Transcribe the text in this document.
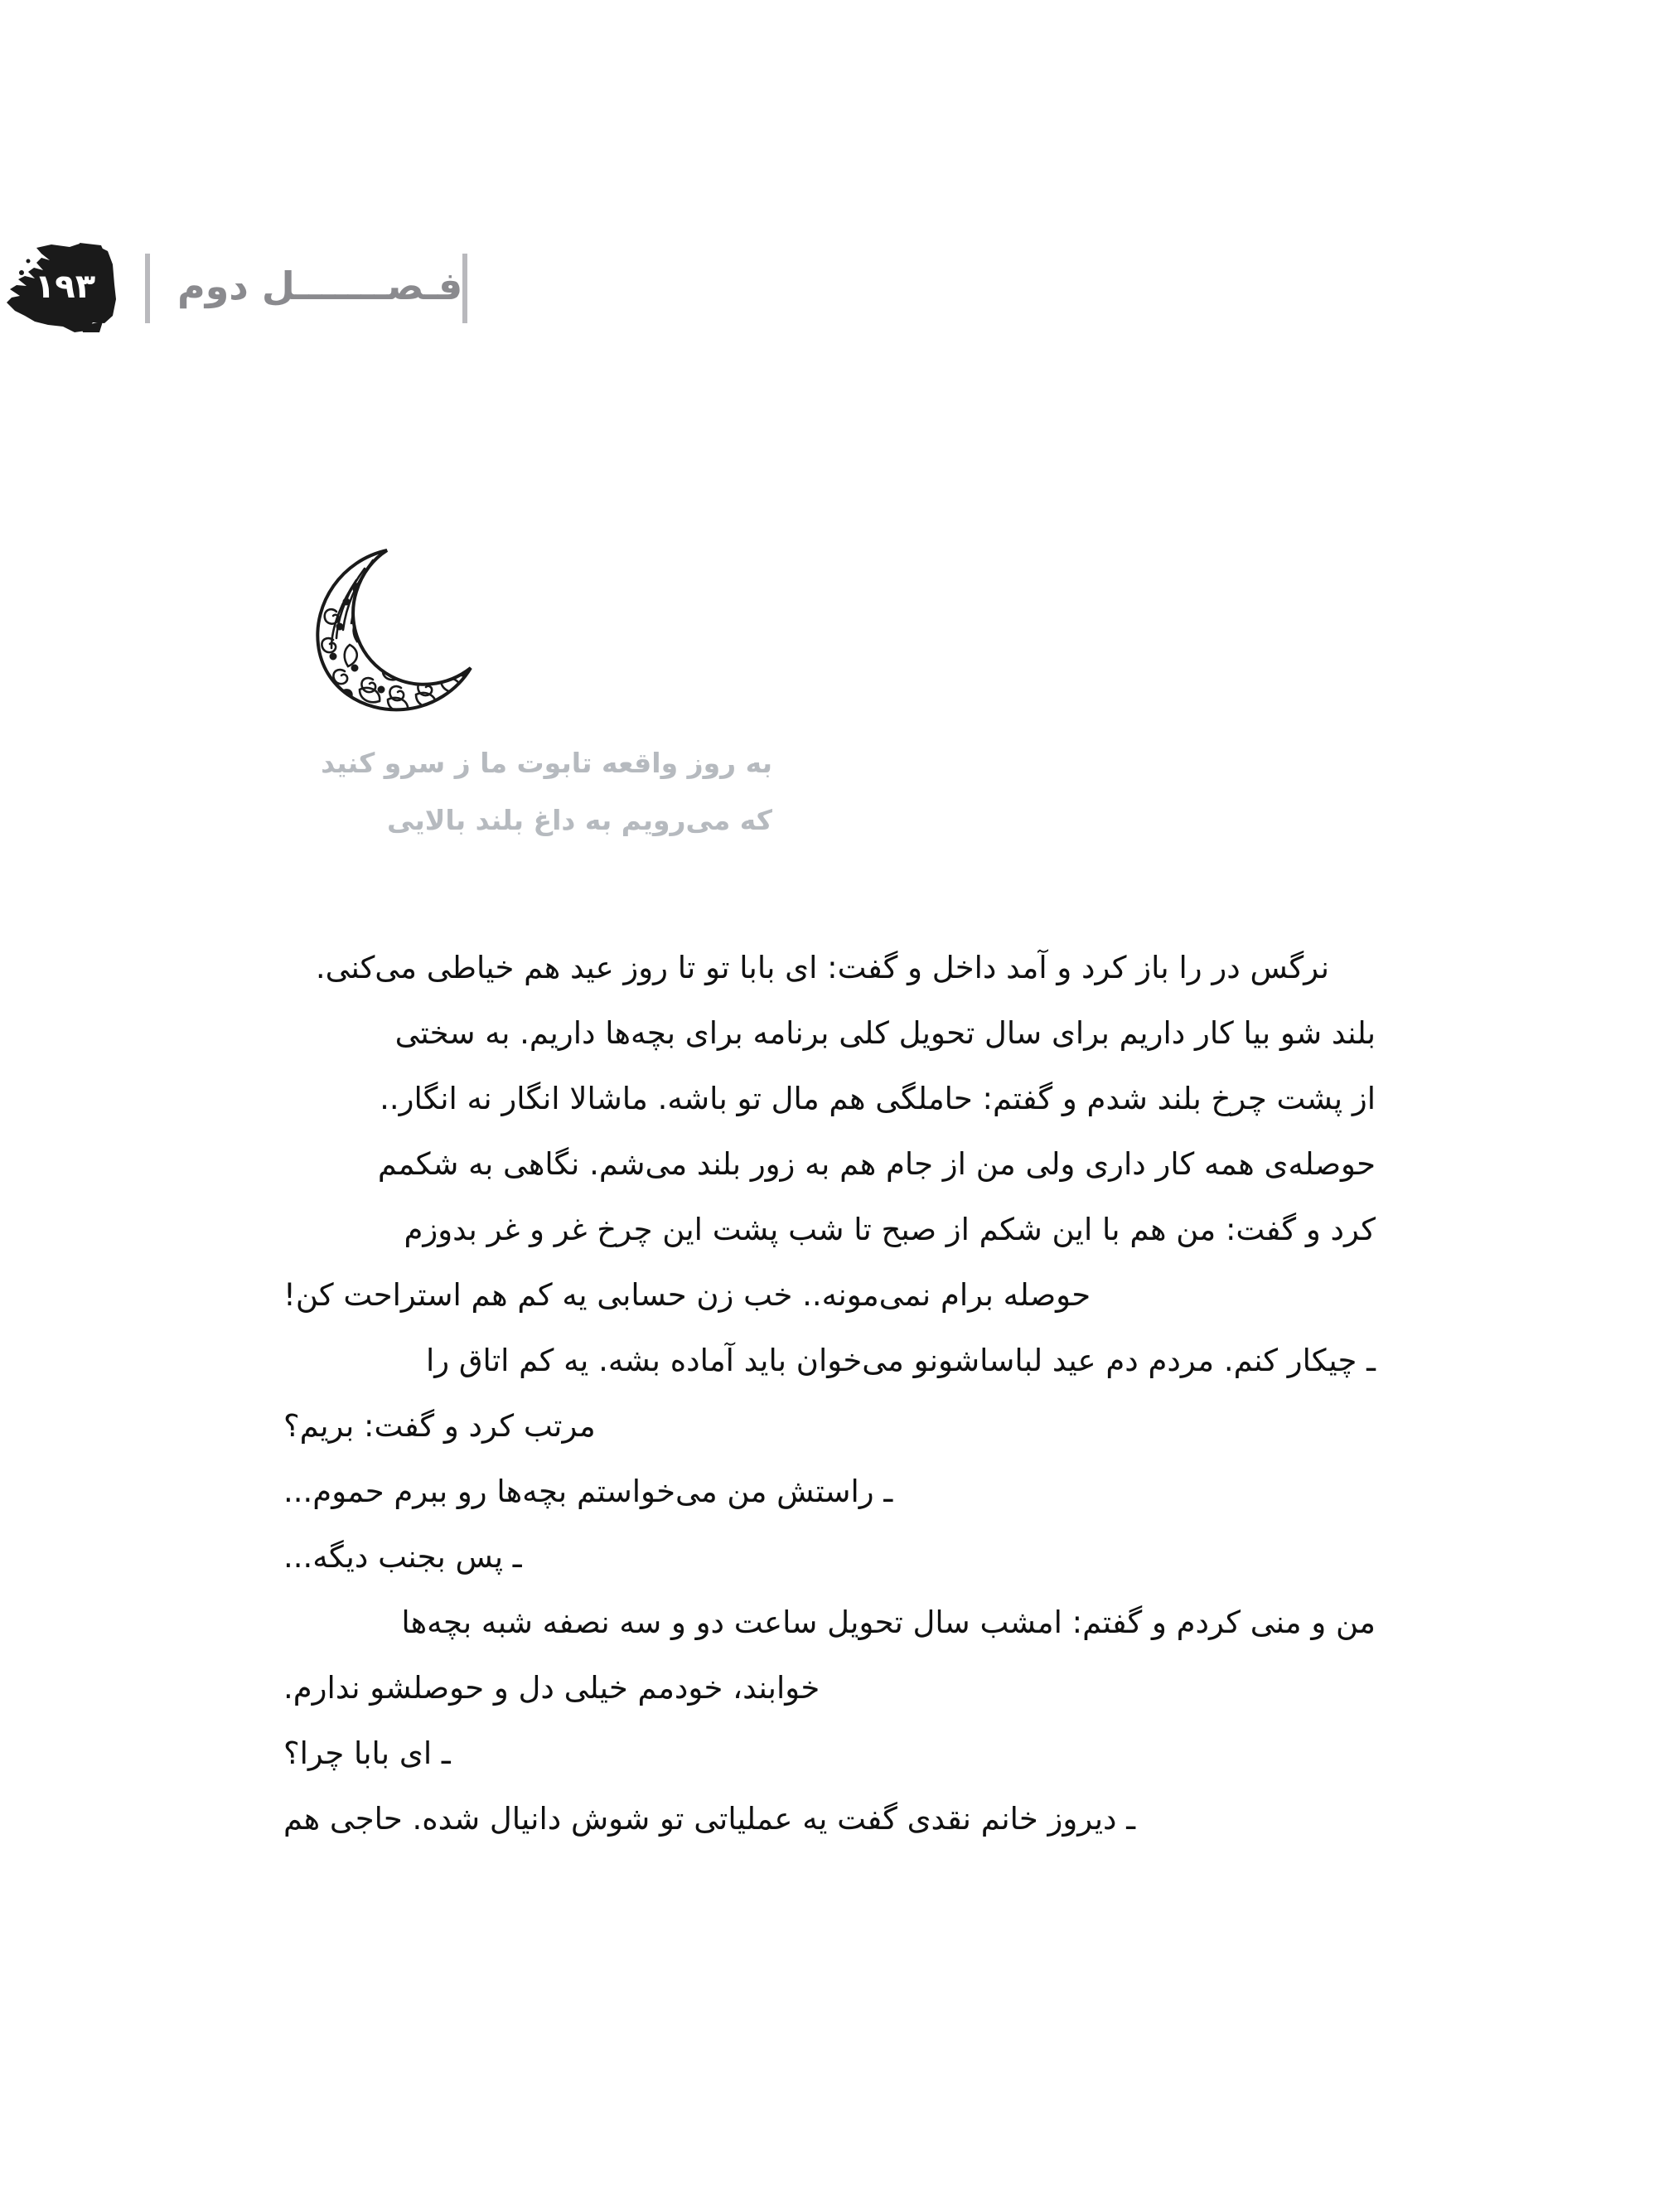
۱۹۳ فـصـــــــل دوم
به روز واقعه تابوت ما ز سرو کنید
که می‌رویم به داغ بلند بالایی
نرگس در را باز کرد و آمد داخل و گفت: ای بابا تو تا روز عید هم خیاطی می‌کنی.
بلند شو بیا کار داریم برای سال تحویل کلی برنامه برای بچه‌ها داریم. به سختی
از پشت چرخ بلند شدم و گفتم: حاملگی هم مال تو باشه. ماشالا انگار نه انگار..
حوصله‌ی همه کار داری ولی من از جام هم به زور بلند می‌شم. نگاهی به شکمم
کرد و گفت: من هم با این شکم از صبح تا شب پشت این چرخ غر و غر بدوزم
حوصله برام نمی‌مونه.. خب زن حسابی یه کم هم استراحت کن!
ـ چیکار کنم. مردم دم عید لباساشونو می‌خوان باید آماده بشه. یه کم اتاق را
مرتب کرد و گفت: بریم؟
ـ راستش من می‌خواستم بچه‌ها رو ببرم حموم...
ـ پس بجنب دیگه...
من و منی کردم و گفتم: امشب سال تحویل ساعت دو و سه نصفه شبه بچه‌ها
خوابند، خودمم خیلی دل و حوصلشو ندارم.
ـ ای بابا چرا؟
ـ دیروز خانم نقدی گفت یه عملیاتی تو شوش دانیال شده. حاجی هم
